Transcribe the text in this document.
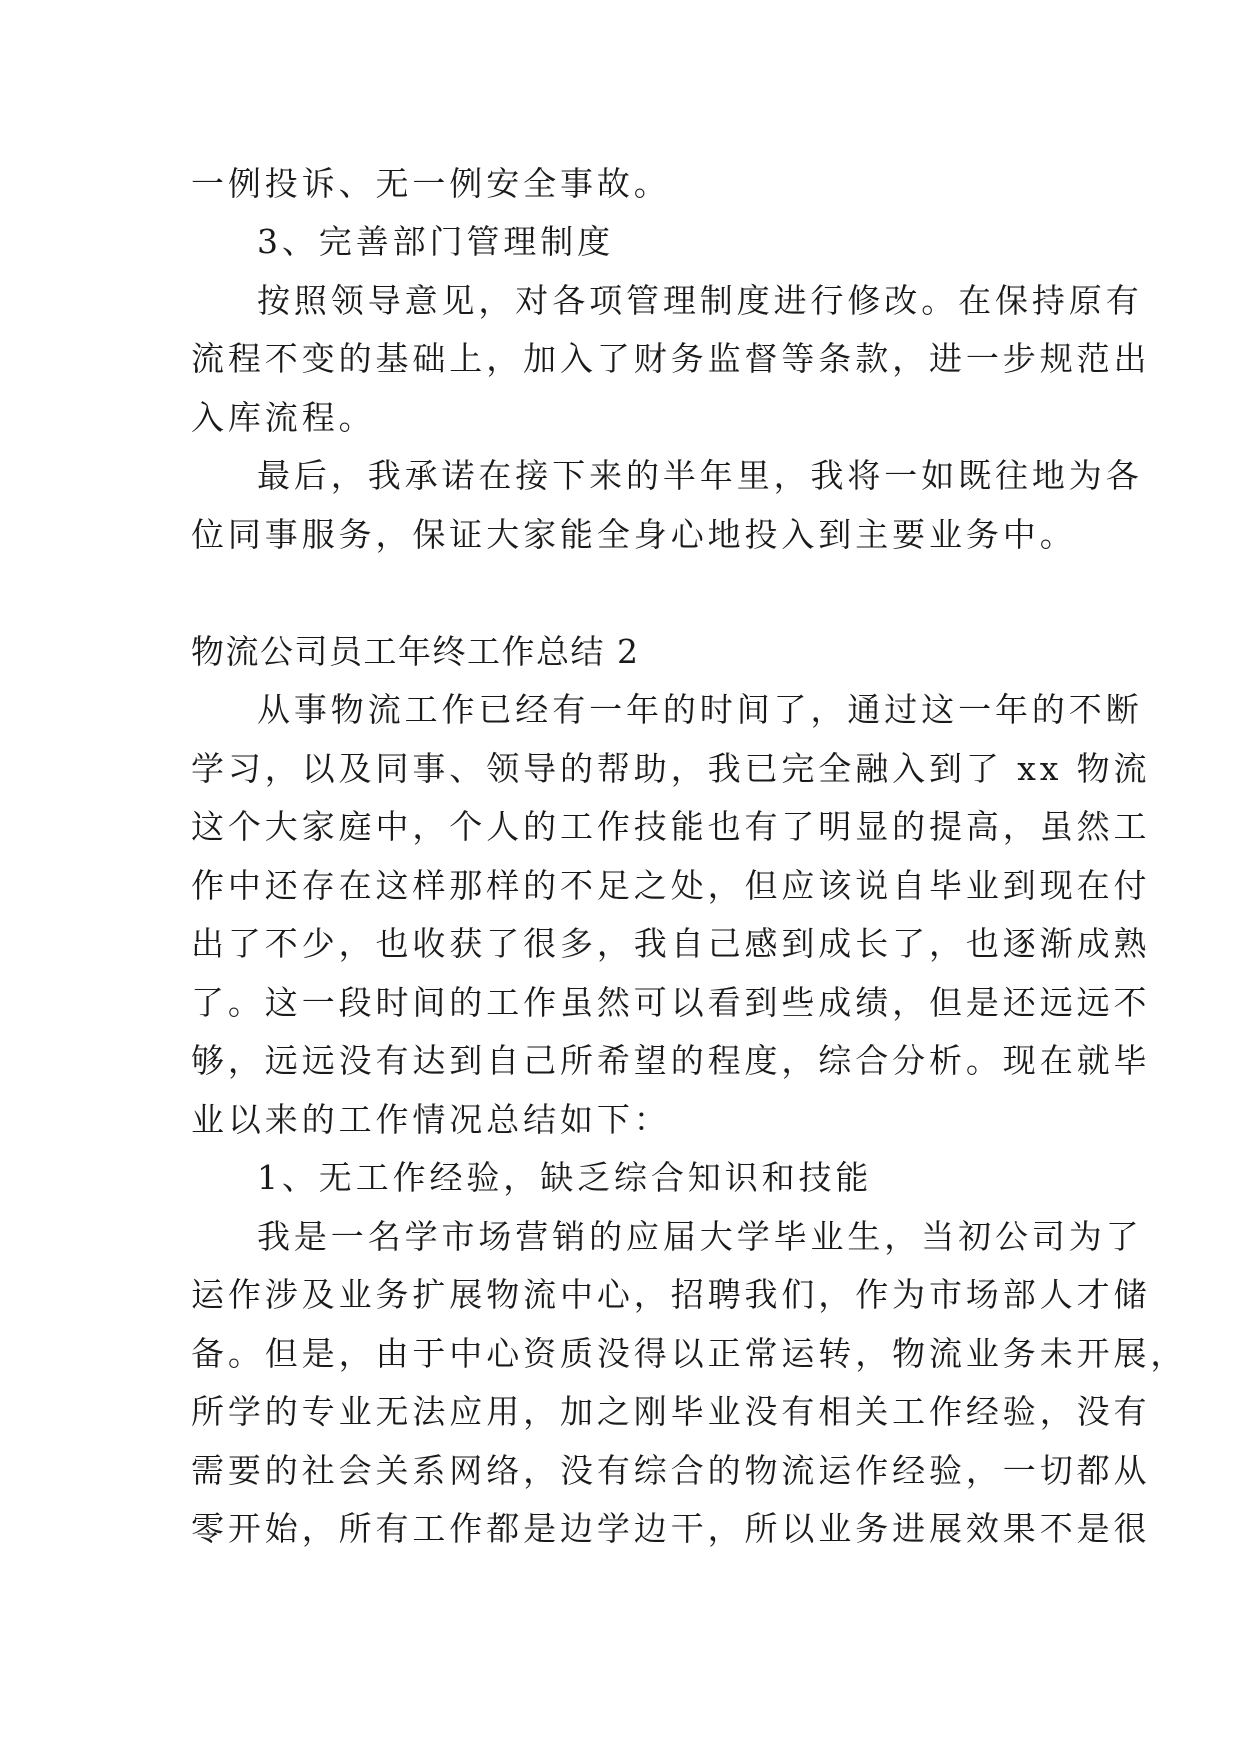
一例投诉、无一例安全事故。
3、完善部门管理制度
按照领导意见，对各项管理制度进行修改。在保持原有
流程不变的基础上，加入了财务监督等条款，进一步规范出
入库流程。
最后，我承诺在接下来的半年里，我将一如既往地为各
位同事服务，保证大家能全身心地投入到主要业务中。
物流公司员工年终工作总结 2
从事物流工作已经有一年的时间了，通过这一年的不断
学习，以及同事、领导的帮助，我已完全融入到了 xx 物流
这个大家庭中，个人的工作技能也有了明显的提高，虽然工
作中还存在这样那样的不足之处，但应该说自毕业到现在付
出了不少，也收获了很多，我自己感到成长了，也逐渐成熟
了。这一段时间的工作虽然可以看到些成绩，但是还远远不
够，远远没有达到自己所希望的程度，综合分析。现在就毕
业以来的工作情况总结如下：
1、无工作经验，缺乏综合知识和技能
我是一名学市场营销的应届大学毕业生，当初公司为了
运作涉及业务扩展物流中心，招聘我们，作为市场部人才储
备。但是，由于中心资质没得以正常运转，物流业务未开展，
所学的专业无法应用，加之刚毕业没有相关工作经验，没有
需要的社会关系网络，没有综合的物流运作经验，一切都从
零开始，所有工作都是边学边干，所以业务进展效果不是很
